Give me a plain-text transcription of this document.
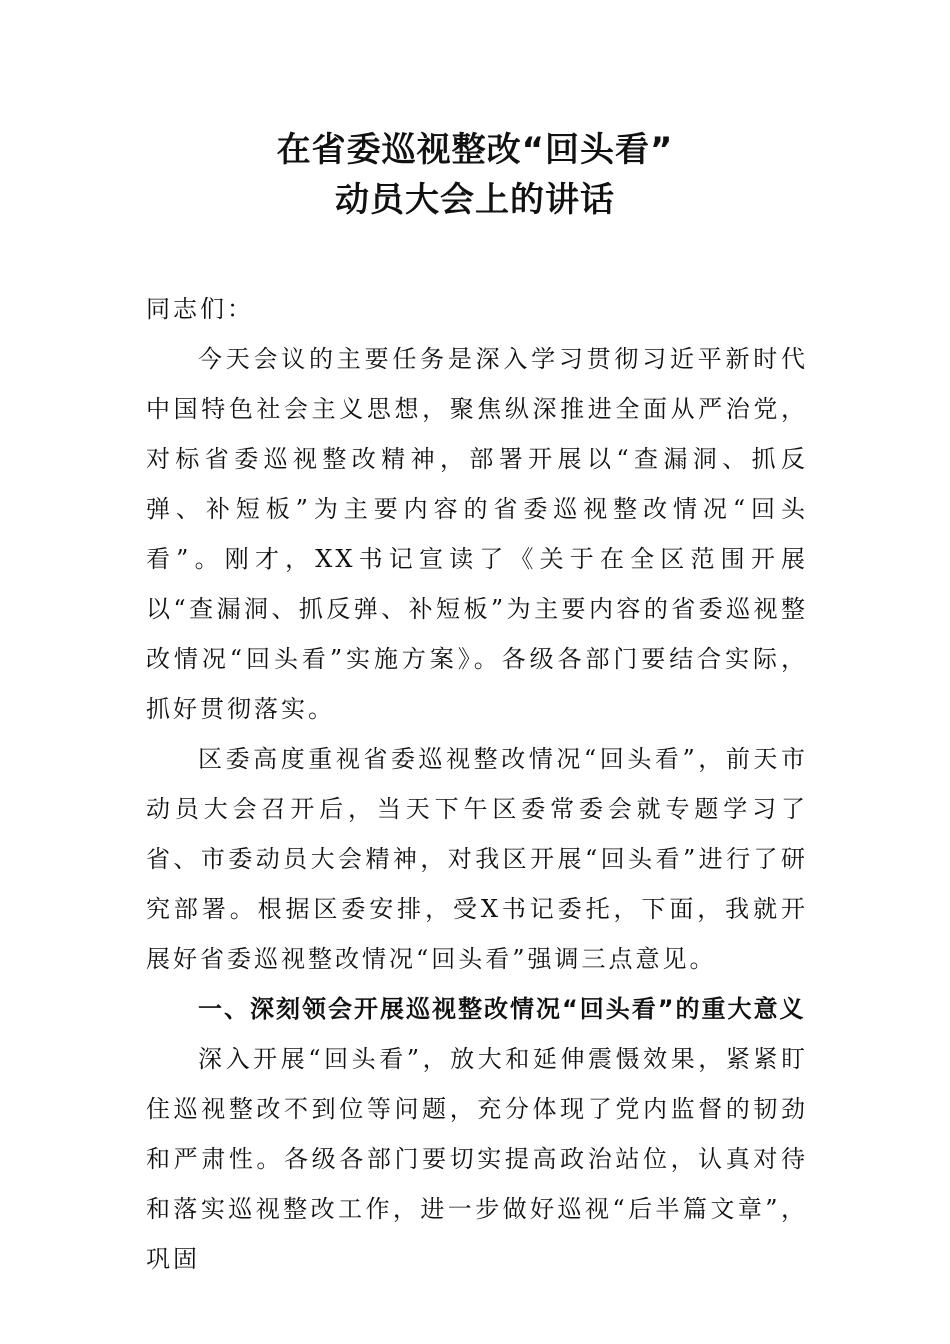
在省委巡视整改“回头看”
动员大会上的讲话

同志们：

今天会议的主要任务是深入学习贯彻习近平新时代中国特色社会主义思想，聚焦纵深推进全面从严治党，对标省委巡视整改精神，部署开展以“查漏洞、抓反弹、补短板”为主要内容的省委巡视整改情况“回头看”。刚才，XX书记宣读了《关于在全区范围开展以“查漏洞、抓反弹、补短板”为主要内容的省委巡视整改情况“回头看”实施方案》。各级各部门要结合实际，抓好贯彻落实。

区委高度重视省委巡视整改情况“回头看”，前天市动员大会召开后，当天下午区委常委会就专题学习了省、市委动员大会精神，对我区开展“回头看”进行了研究部署。根据区委安排，受X书记委托，下面，我就开展好省委巡视整改情况“回头看”强调三点意见。

一、深刻领会开展巡视整改情况“回头看”的重大意义

深入开展“回头看”，放大和延伸震慑效果，紧紧盯住巡视整改不到位等问题，充分体现了党内监督的韧劲和严肃性。各级各部门要切实提高政治站位，认真对待和落实巡视整改工作，进一步做好巡视“后半篇文章”，巩固
